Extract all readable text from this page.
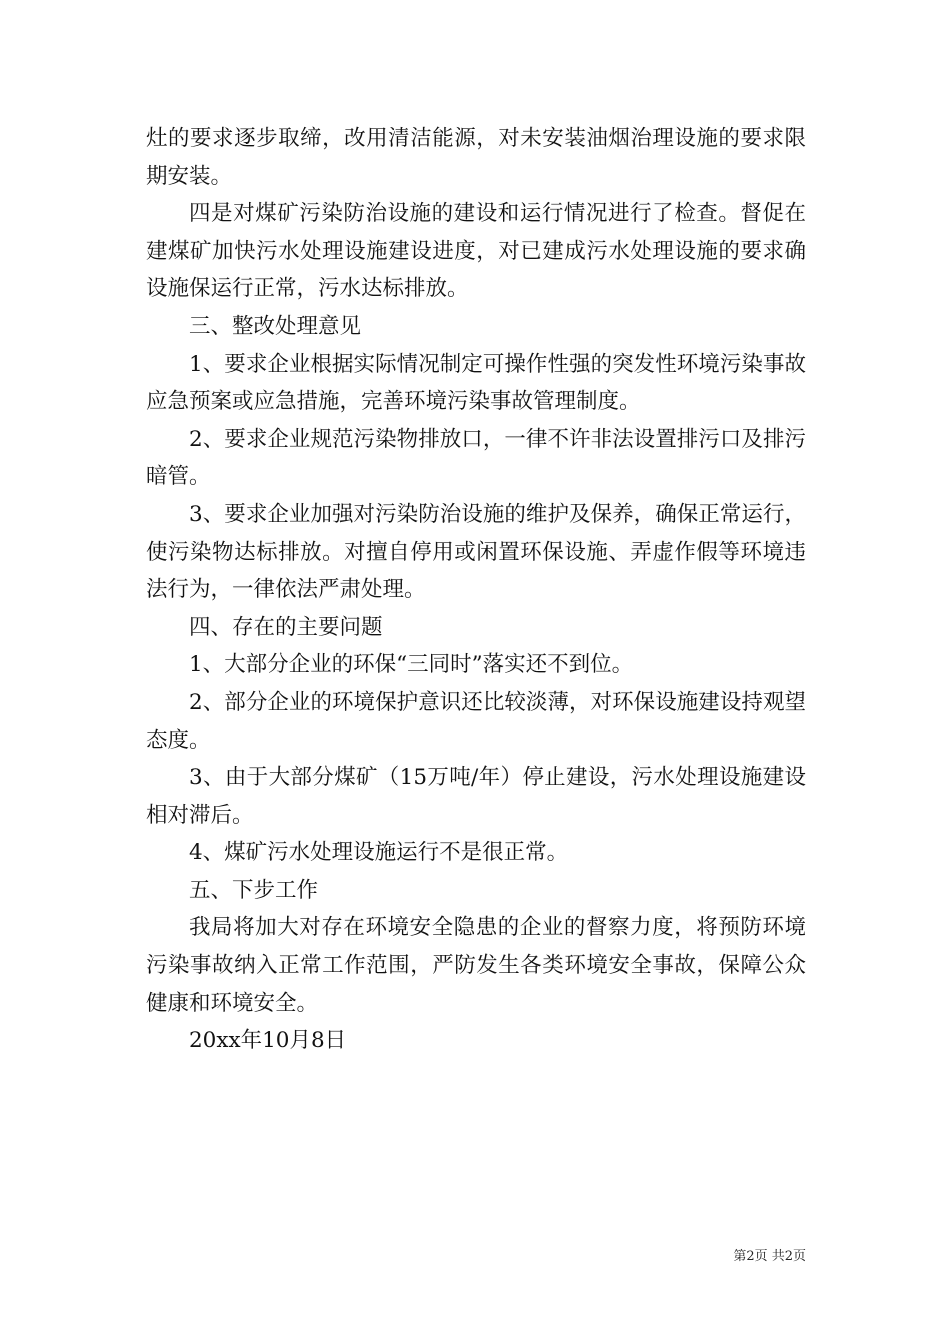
灶的要求逐步取缔，改用清洁能源，对未安装油烟治理设施的要求限期安装。

四是对煤矿污染防治设施的建设和运行情况进行了检查。督促在建煤矿加快污水处理设施建设进度，对已建成污水处理设施的要求确设施保运行正常，污水达标排放。

三、整改处理意见

1、要求企业根据实际情况制定可操作性强的突发性环境污染事故应急预案或应急措施，完善环境污染事故管理制度。

2、要求企业规范污染物排放口，一律不许非法设置排污口及排污暗管。

3、要求企业加强对污染防治设施的维护及保养，确保正常运行，使污染物达标排放。对擅自停用或闲置环保设施、弄虚作假等环境违法行为，一律依法严肃处理。

四、存在的主要问题

1、大部分企业的环保“三同时”落实还不到位。

2、部分企业的环境保护意识还比较淡薄，对环保设施建设持观望态度。

3、由于大部分煤矿（15万吨/年）停止建设，污水处理设施建设相对滞后。

4、煤矿污水处理设施运行不是很正常。

五、下步工作

我局将加大对存在环境安全隐患的企业的督察力度，将预防环境污染事故纳入正常工作范围，严防发生各类环境安全事故，保障公众健康和环境安全。

20xx年10月8日

第2页 共2页
